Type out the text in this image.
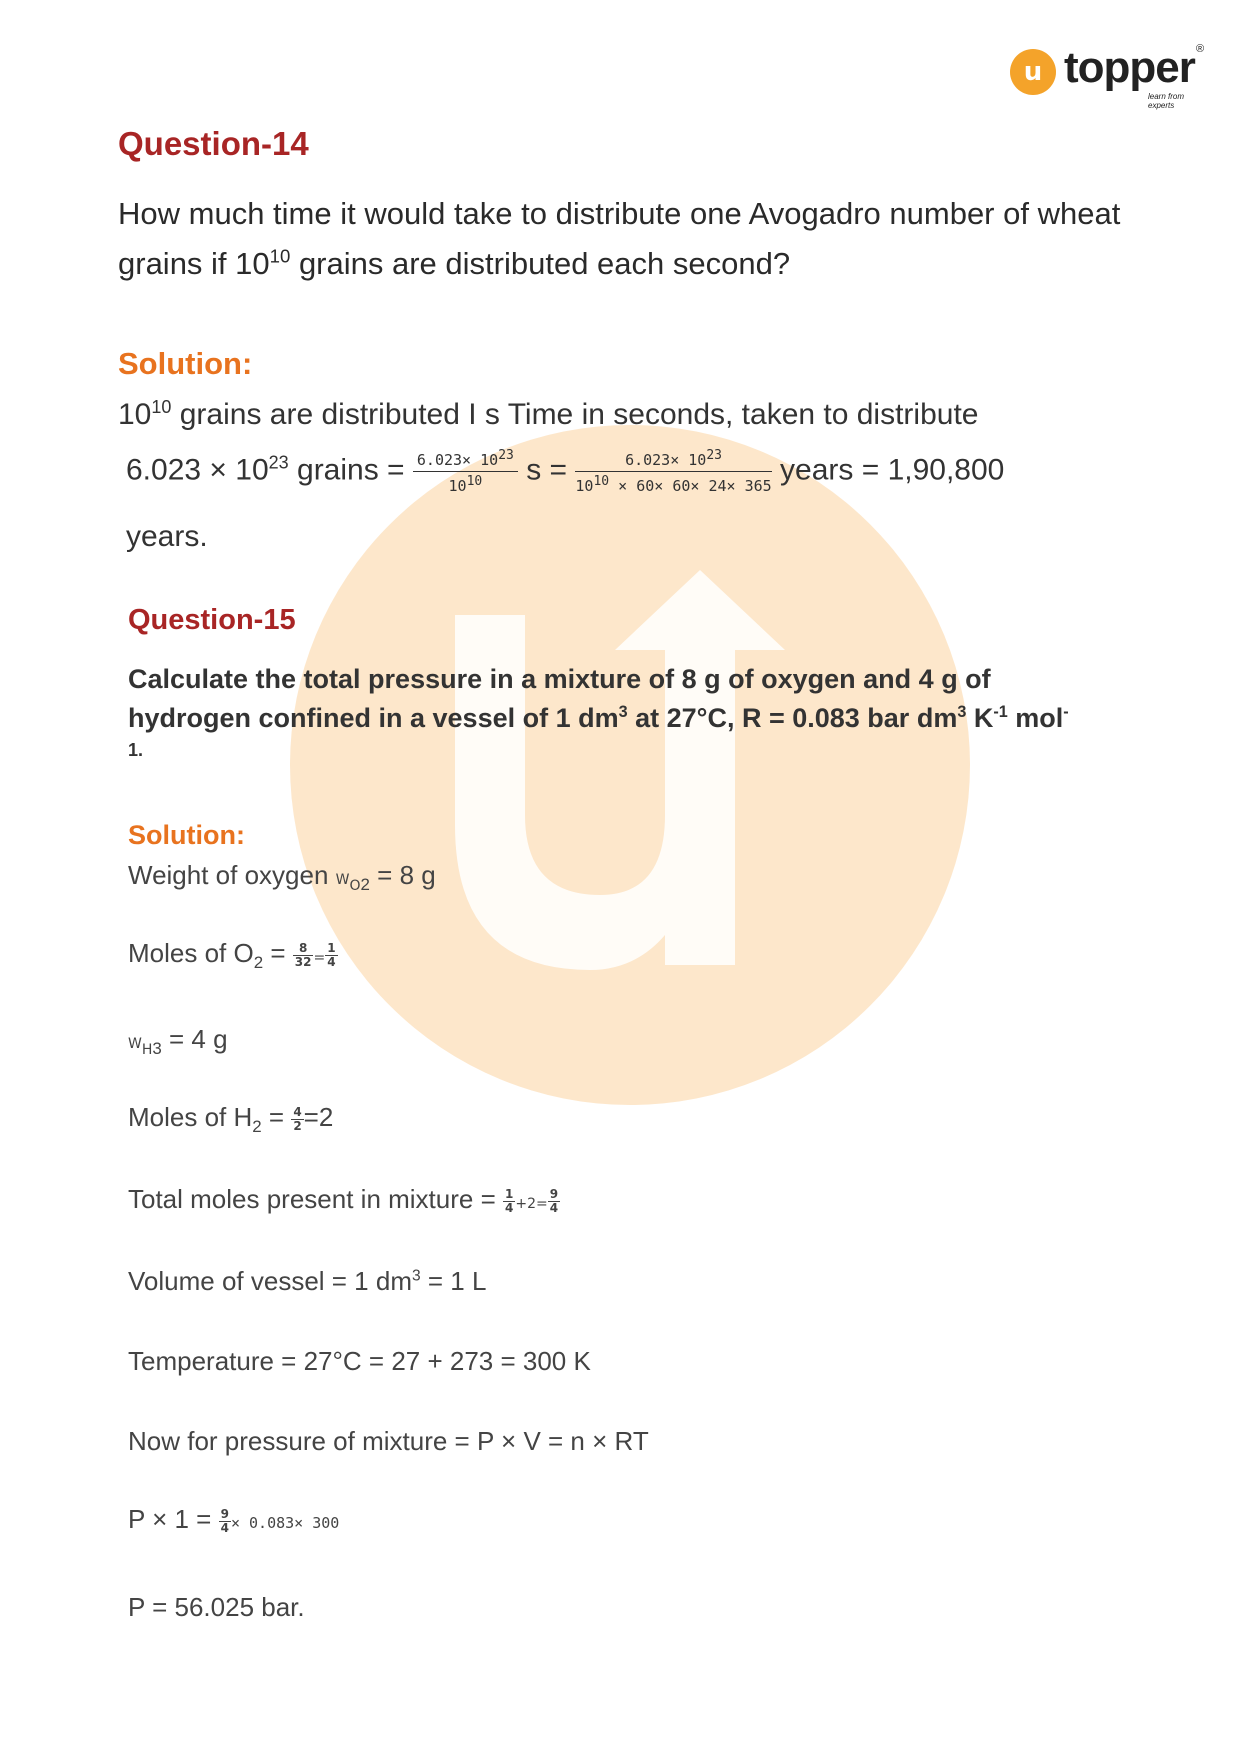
u topper ®
learn from experts
Question-14
How much time it would take to distribute one Avogadro number of wheat
grains if $10^{10}$ grains are distributed each second?
Solution:
$10^{10}$ grains are distributed I s Time in seconds, taken to distribute
$6.023 \times 10^{23}$ grains = $\frac{6.023\times 1023}{1010}$ $s = \frac{6.023\times 1023}{1010 \times 60\times 60\times 24\times 365}$ years = 1,90,800
years.
Question-15
Calculate the total pressure in a mixture of 8 g of oxygen and 4 g of
hydrogen confined in a vessel of 1 $dm^3$ at 27°C, R = 0.083 bar $dm^3$ $K^{-1}$ mol-
1.
Solution:
Weight of oxygen $W_{O2} = 8$ g
Moles of $O_2 = \frac{8}{32} = \frac{1}{4}$
$W_{H3} = 4$ g
Moles of $H_2 = \frac{4}{2} =2$
Total moles present in mixture = $\frac{1}{4} +2= \frac{9}{4}$
Volume of vessel = 1 $dm^3 = 1$ L
Temperature = 27°C = 27 + 273 = 300 K
Now for pressure of mixture = P × V = n × RT
$P \times 1 = \frac{9}{4} \times 0.083\times 300$
P = 56.025 bar.
